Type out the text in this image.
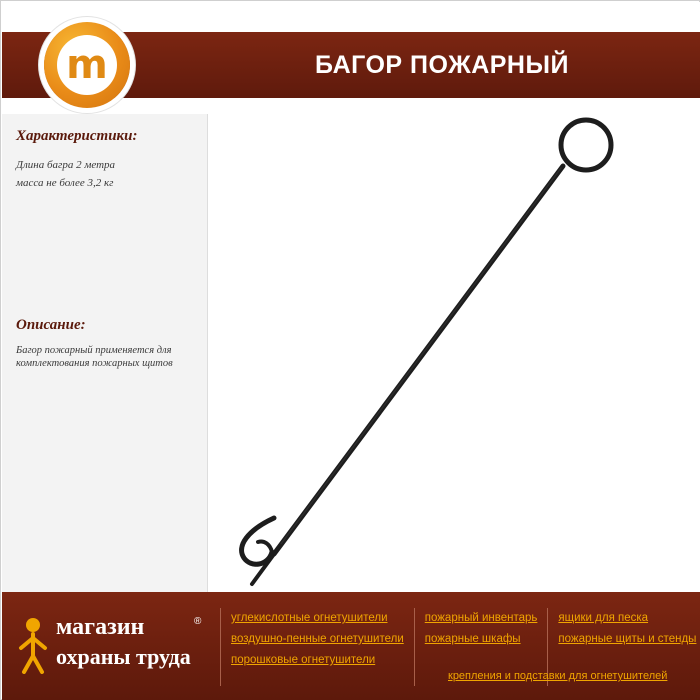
БАГОР ПОЖАРНЫЙ
m
Характеристики:
Длина багра 2 метра
масса не более 3,2 кг
Описание:
Багор пожарный применяется для комплектования пожарных щитов
магазин	®
охраны труда
углекислотные огнетушители
воздушно-пенные огнетушители
порошковые огнетушители
пожарный инвентарь
пожарные шкафы
крепления и подставки для огнетушителей
ящики для песка
пожарные щиты и стенды
